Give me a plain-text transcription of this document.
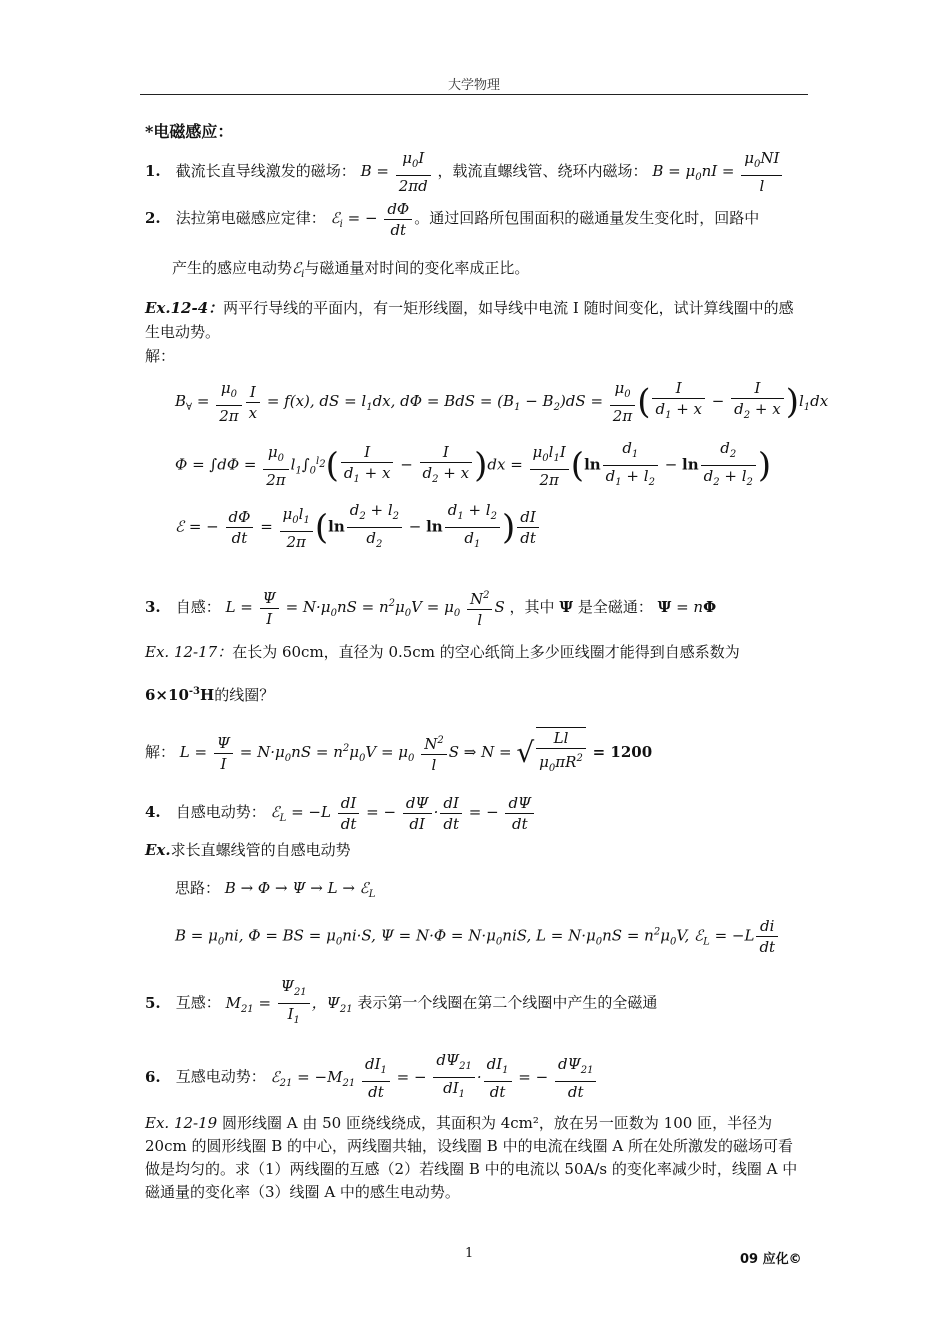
大学物理
*电磁感应：
1. 截流长直导线激发的磁场： $B = \frac{\mu_0I}{2\pi d}$ ，载流直螺线管、绕环内磁场： $B = \mu_0nI = \frac{\mu_0NI}{l}$
2. 法拉第电磁感应定律： ℰ$_i$ = − $\frac{d\Phi}{dt}$ 。通过回路所包围面积的磁通量发生变化时，回路中
产生的感应电动势ℰ$_i$与磁通量对时间的变化率成正比。
Ex.12-4：两平行导线的平面内，有一矩形线圈，如导线中电流 I 随时间变化，试计算线圈中的感生电动势。
解：
$B_\forall = \frac{\mu_0}{2\pi} \frac{I}{x} = f(x)$, dS = $l_1dx$, dΦ = BdS = $(B_1 - B_2)dS = \frac{\mu_0}{2\pi}$ ( $\frac{I}{d_1 + x} - \frac{I}{d_2 + x} )l_1dx$
$\Phi = \int d\Phi = \frac{\mu_0}{2\pi} l_1\int_0^{l_2}( \frac{I}{d_1 + x} - \frac{I}{d_2 + x} )dx = \frac{\mu_0l_1I}{2\pi} (\ln \frac{d_1}{d_1 + l_2} - \ln \frac{d_2}{d_2 + l_2}$ )
ℰ = − $\frac{d\Phi}{dt} = \frac{\mu_0l_1}{2\pi} (\ln \frac{d_2 + l_2}{d_2} - \ln \frac{d_1 + l_2}{d_1}$ ) $\frac{dI}{dt}$
3. 自感： $L = \frac{\Psi}{I} = N\cdot\mu_0nS = n^2\mu_0V = \mu_0 \frac{N^2}{l}$ S ，其中 Ψ 是全磁通： Ψ = nΦ
Ex. 12-17：在长为 60cm，直径为 0.5cm 的空心纸筒上多少匝线圈才能得到自感系数为
$6\times 10^{-3}H$的线圈？
解： $L = \frac{\Psi}{I} = N\cdot\mu_0nS = n^2\mu_0V = \mu_0 \frac{N^2}{l}$ S ⇒ N = √ $\frac{Ll}{\mu_0\pi R^2} = 1200$
4. 自感电动势： ℰ$_L$ = $-L \frac{dI}{dt}$ = − $\frac{d\Psi}{dI} \cdot \frac{dI}{dt}$ = − $\frac{d\Psi}{dt}$
Ex.求长直螺线管的自感电动势
思路： B → Φ → Ψ → L → ℰ$_L$
$B = \mu_0ni$, Φ = BS = $\mu_0ni\cdot S$, $\Psi = N\cdot\Phi = N\cdot\mu_0niS$, $L = N\cdot\mu_0nS = n^2\mu_0V$, ℰ$_L$ = $-L \frac{di}{dt}$
5. 互感： $M_{21} = \frac{\Psi_{21}}{I_1}$ ，$\Psi_{21}$ 表示第一个线圈在第二个线圈中产生的全磁通
6. 互感电动势： ℰ$_{21}$ = $-M_{21} \frac{dI_1}{dt}$ = − $\frac{d\Psi_{21}}{dI_1} \cdot \frac{dI_1}{dt}$ = − $\frac{d\Psi_{21}}{dt}$
Ex. 12-19 圆形线圈 A 由 50 匝绕线绕成，其面积为 4cm²，放在另一匝数为 100 匝，半径为 20cm 的圆形线圈 B 的中心，两线圈共轴，设线圈 B 中的电流在线圈 A 所在处所激发的磁场可看做是均匀的。求（1）两线圈的互感（2）若线圈 B 中的电流以 50A/s 的变化率减少时，线圈 A 中磁通量的变化率（3）线圈 A 中的感生电动势。
1	09 应化©
